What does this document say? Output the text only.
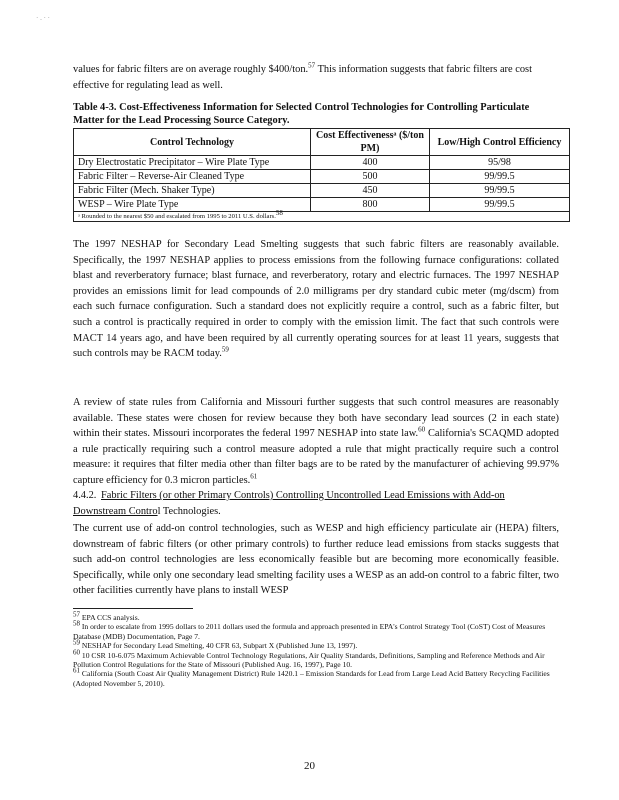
· . · ·
values for fabric filters are on average roughly $400/ton.$^{57}$ This information suggests that fabric filters are cost effective for regulating lead as well.
Table 4-3. Cost-Effectiveness Information for Selected Control Technologies for Controlling Particulate Matter for the Lead Processing Source Category.
Control Technology	Cost Effectivenessᵃ ($/ton PM)	Low/High Control Efficiency
Dry Electrostatic Precipitator – Wire Plate Type	400	95/98
Fabric Filter – Reverse-Air Cleaned Type	500	99/99.5
Fabric Filter (Mech. Shaker Type)	450	99/99.5
WESP – Wire Plate Type	800	99/99.5
ᵃ Rounded to the nearest $50 and escalated from 1995 to 2011 U.S. dollars.$^{58}$
The 1997 NESHAP for Secondary Lead Smelting suggests that such fabric filters are reasonably available. Specifically, the 1997 NESHAP applies to process emissions from the following furnace configurations: collated blast and reverberatory furnace; blast furnace, and reverberatory, rotary and electric furnaces. The 1997 NESHAP provides an emissions limit for lead compounds of 2.0 milligrams per dry standard cubic meter (mg/dscm) from each such furnace configuration. Such a standard does not explicitly require a control, such as a fabric filter, but such a control is practically required in order to comply with the emission limit. The fact that such controls were MACT 14 years ago, and have been required by all currently operating sources for at least 11 years, suggests that such controls may be RACM today.$^{59}$
A review of state rules from California and Missouri further suggests that such control measures are reasonably available. These states were chosen for review because they both have secondary lead sources (2 in each state) within their states. Missouri incorporates the federal 1997 NESHAP into state law.$^{60}$ California's SCAQMD adopted a rule practically requiring such a control measure adopted a rule that might practically require such a control measure: it requires that filter media other than filter bags are to be rated by the manufacturer of achieving 99.97% capture efficiency for 0.3 micron particles.$^{61}$
4.4.2. Fabric Filters (or other Primary Controls) Controlling Uncontrolled Lead Emissions with Add-on Downstream Control Technologies.
The current use of add-on control technologies, such as WESP and high efficiency particulate air (HEPA) filters, downstream of fabric filters (or other primary controls) to further reduce lead emissions from stacks suggests that such add-on control technologies are less economically feasible but are becoming more economically feasible. Specifically, while only one secondary lead smelting facility uses a WESP as an add-on control to a fabric filter, two other facilities currently have plans to install WESP

$^{57}$ EPA CCS analysis.

$^{58}$ In order to escalate from 1995 dollars to 2011 dollars used the formula and approach presented in EPA's Control Strategy Tool (CoST) Cost of Measures Database (MDB) Documentation, Page 7.

$^{59}$ NESHAP for Secondary Lead Smelting, 40 CFR 63, Subpart X (Published June 13, 1997).

$^{60}$ 10 CSR 10-6.075 Maximum Achievable Control Technology Regulations, Air Quality Standards, Definitions, Sampling and Reference Methods and Air Pollution Control Regulations for the State of Missouri (Published Aug. 16, 1997), Page 10.

$^{61}$ California (South Coast Air Quality Management District) Rule 1420.1 – Emission Standards for Lead from Large Lead Acid Battery Recycling Facilities (Adopted November 5, 2010).

20
